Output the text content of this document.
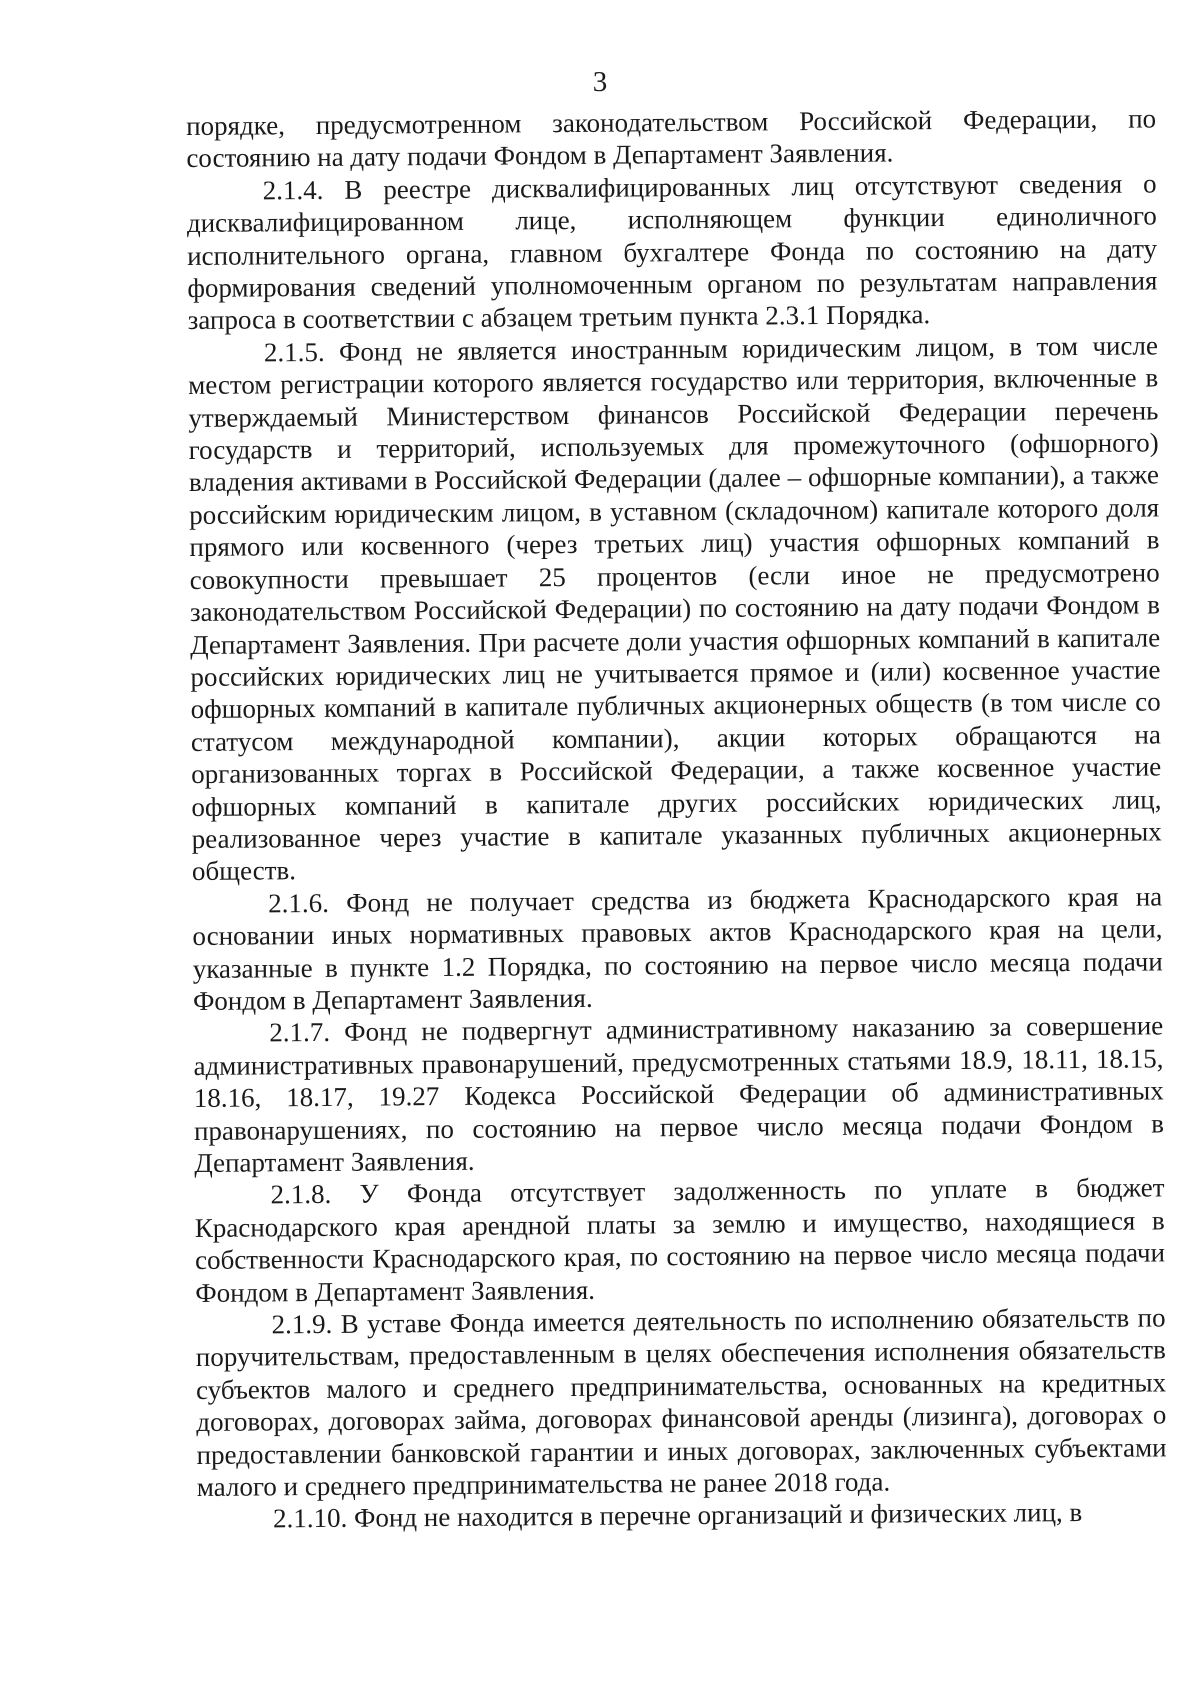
3

порядке, предусмотренном законодательством Российской Федерации, по состоянию на дату подачи Фондом в Департамент Заявления.

2.1.4. В реестре дисквалифицированных лиц отсутствуют сведения о дисквалифицированном лице, исполняющем функции единоличного исполнительного органа, главном бухгалтере Фонда по состоянию на дату формирования сведений уполномоченным органом по результатам направления запроса в соответствии с абзацем третьим пункта 2.3.1 Порядка.

2.1.5. Фонд не является иностранным юридическим лицом, в том числе местом регистрации которого является государство или территория, включенные в утверждаемый Министерством финансов Российской Федерации перечень государств и территорий, используемых для промежуточного (офшорного) владения активами в Российской Федерации (далее – офшорные компании), а также российским юридическим лицом, в уставном (складочном) капитале которого доля прямого или косвенного (через третьих лиц) участия офшорных компаний в совокупности превышает 25 процентов (если иное не предусмотрено законодательством Российской Федерации) по состоянию на дату подачи Фондом в Департамент Заявления. При расчете доли участия офшорных компаний в капитале российских юридических лиц не учитывается прямое и (или) косвенное участие офшорных компаний в капитале публичных акционерных обществ (в том числе со статусом международной компании), акции которых обращаются на организованных торгах в Российской Федерации, а также косвенное участие офшорных компаний в капитале других российских юридических лиц, реализованное через участие в капитале указанных публичных акционерных обществ.

2.1.6. Фонд не получает средства из бюджета Краснодарского края на основании иных нормативных правовых актов Краснодарского края на цели, указанные в пункте 1.2 Порядка, по состоянию на первое число месяца подачи Фондом в Департамент Заявления.

2.1.7. Фонд не подвергнут административному наказанию за совершение административных правонарушений, предусмотренных статьями 18.9, 18.11, 18.15, 18.16, 18.17, 19.27 Кодекса Российской Федерации об административных правонарушениях, по состоянию на первое число месяца подачи Фондом в Департамент Заявления.

2.1.8. У Фонда отсутствует задолженность по уплате в бюджет Краснодарского края арендной платы за землю и имущество, находящиеся в собственности Краснодарского края, по состоянию на первое число месяца подачи Фондом в Департамент Заявления.

2.1.9. В уставе Фонда имеется деятельность по исполнению обязательств по поручительствам, предоставленным в целях обеспечения исполнения обязательств субъектов малого и среднего предпринимательства, основанных на кредитных договорах, договорах займа, договорах финансовой аренды (лизинга), договорах о предоставлении банковской гарантии и иных договорах, заключенных субъектами малого и среднего предпринимательства не ранее 2018 года.

2.1.10. Фонд не находится в перечне организаций и физических лиц, в
